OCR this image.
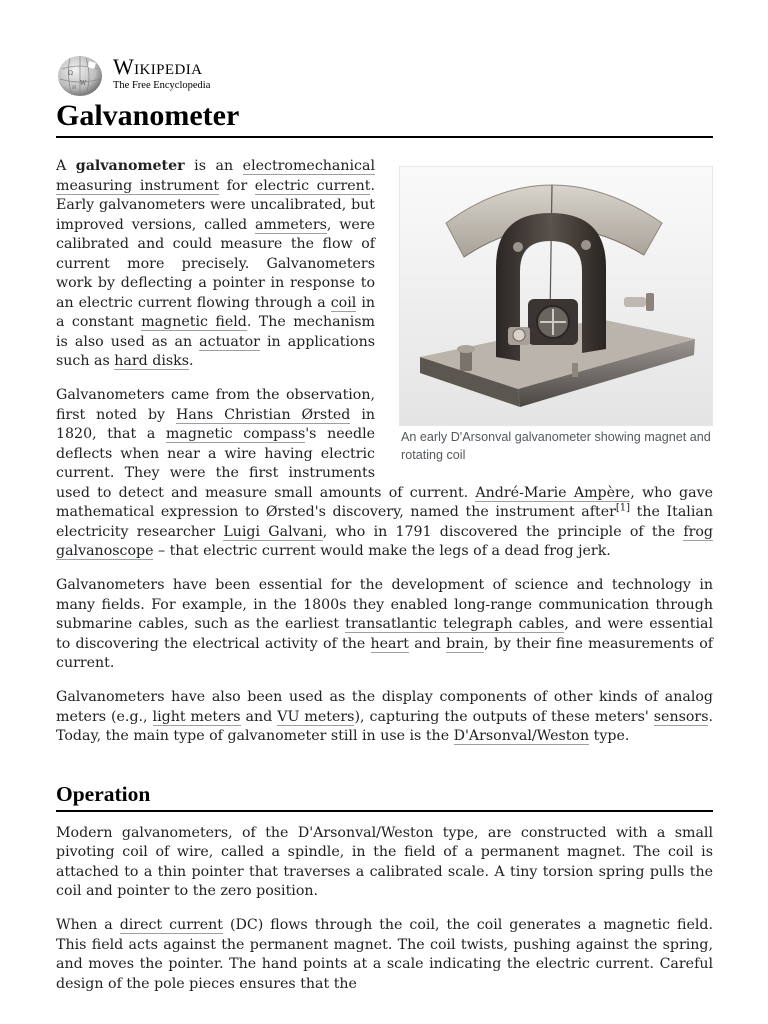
Ω
W
И
Wikipedia
The Free Encyclopedia
Galvanometer
An early D'Arsonval galvanometer showing magnet and rotating coil

A galvanometer is an electromechanical measuring instrument for electric current. Early galvanometers were uncalibrated, but improved versions, called ammeters, were calibrated and could measure the flow of current more precisely. Galvanometers work by deflecting a pointer in response to an electric current flowing through a coil in a constant magnetic field. The mechanism is also used as an actuator in applications such as hard disks.

Galvanometers came from the observation, first noted by Hans Christian Ørsted in 1820, that a magnetic compass's needle deflects when near a wire having electric current. They were the first instruments used to detect and measure small amounts of current. André-Marie Ampère, who gave mathematical expression to Ørsted's discovery, named the instrument after[1] the Italian electricity researcher Luigi Galvani, who in 1791 discovered the principle of the frog galvanoscope – that electric current would make the legs of a dead frog jerk.

Galvanometers have been essential for the development of science and technology in many fields. For example, in the 1800s they enabled long-range communication through submarine cables, such as the earliest transatlantic telegraph cables, and were essential to discovering the electrical activity of the heart and brain, by their fine measurements of current.

Galvanometers have also been used as the display components of other kinds of analog meters (e.g., light meters and VU meters), capturing the outputs of these meters' sensors. Today, the main type of galvanometer still in use is the D'Arsonval/Weston type.

Operation

Modern galvanometers, of the D'Arsonval/Weston type, are constructed with a small pivoting coil of wire, called a spindle, in the field of a permanent magnet. The coil is attached to a thin pointer that traverses a calibrated scale. A tiny torsion spring pulls the coil and pointer to the zero position.

When a direct current (DC) flows through the coil, the coil generates a magnetic field. This field acts against the permanent magnet. The coil twists, pushing against the spring, and moves the pointer. The hand points at a scale indicating the electric current. Careful design of the pole pieces ensures that the
